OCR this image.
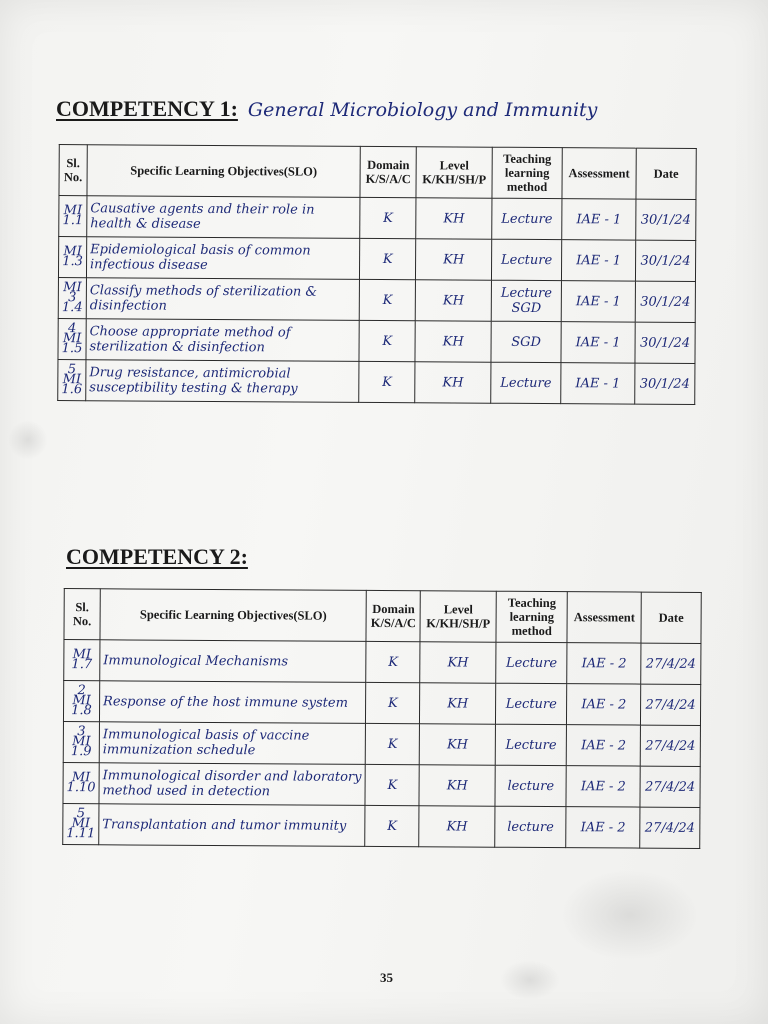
COMPETENCY 1: General Microbiology and Immunity
Sl. No.	Specific Learning Objectives(SLO)	Domain K/S/A/C	Level K/KH/SH/P	Teaching learning method	Assessment	Date
MI 1.1	Causative agents and their role in health & disease	K	KH	Lecture	IAE - 1	30/1/24
MI 1.3	Epidemiological basis of common infectious disease	K	KH	Lecture	IAE - 1	30/1/24
MI 3 1.4	Classify methods of sterilization & disinfection	K	KH	Lecture SGD	IAE - 1	30/1/24
4 MI 1.5	Choose appropriate method of sterilization & disinfection	K	KH	SGD	IAE - 1	30/1/24
5 MI 1.6	Drug resistance, antimicrobial susceptibility testing & therapy	K	KH	Lecture	IAE - 1	30/1/24
COMPETENCY 2:
Sl. No.	Specific Learning Objectives(SLO)	Domain K/S/A/C	Level K/KH/SH/P	Teaching learning method	Assessment	Date
MI 1.7	Immunological Mechanisms	K	KH	Lecture	IAE - 2	27/4/24
2 MI 1.8	Response of the host immune system	K	KH	Lecture	IAE - 2	27/4/24
3 MI 1.9	Immunological basis of vaccine immunization schedule	K	KH	Lecture	IAE - 2	27/4/24
MI 1.10	Immunological disorder and laboratory method used in detection	K	KH	lecture	IAE - 2	27/4/24
5 MI 1.11	Transplantation and tumor immunity	K	KH	lecture	IAE - 2	27/4/24
35
